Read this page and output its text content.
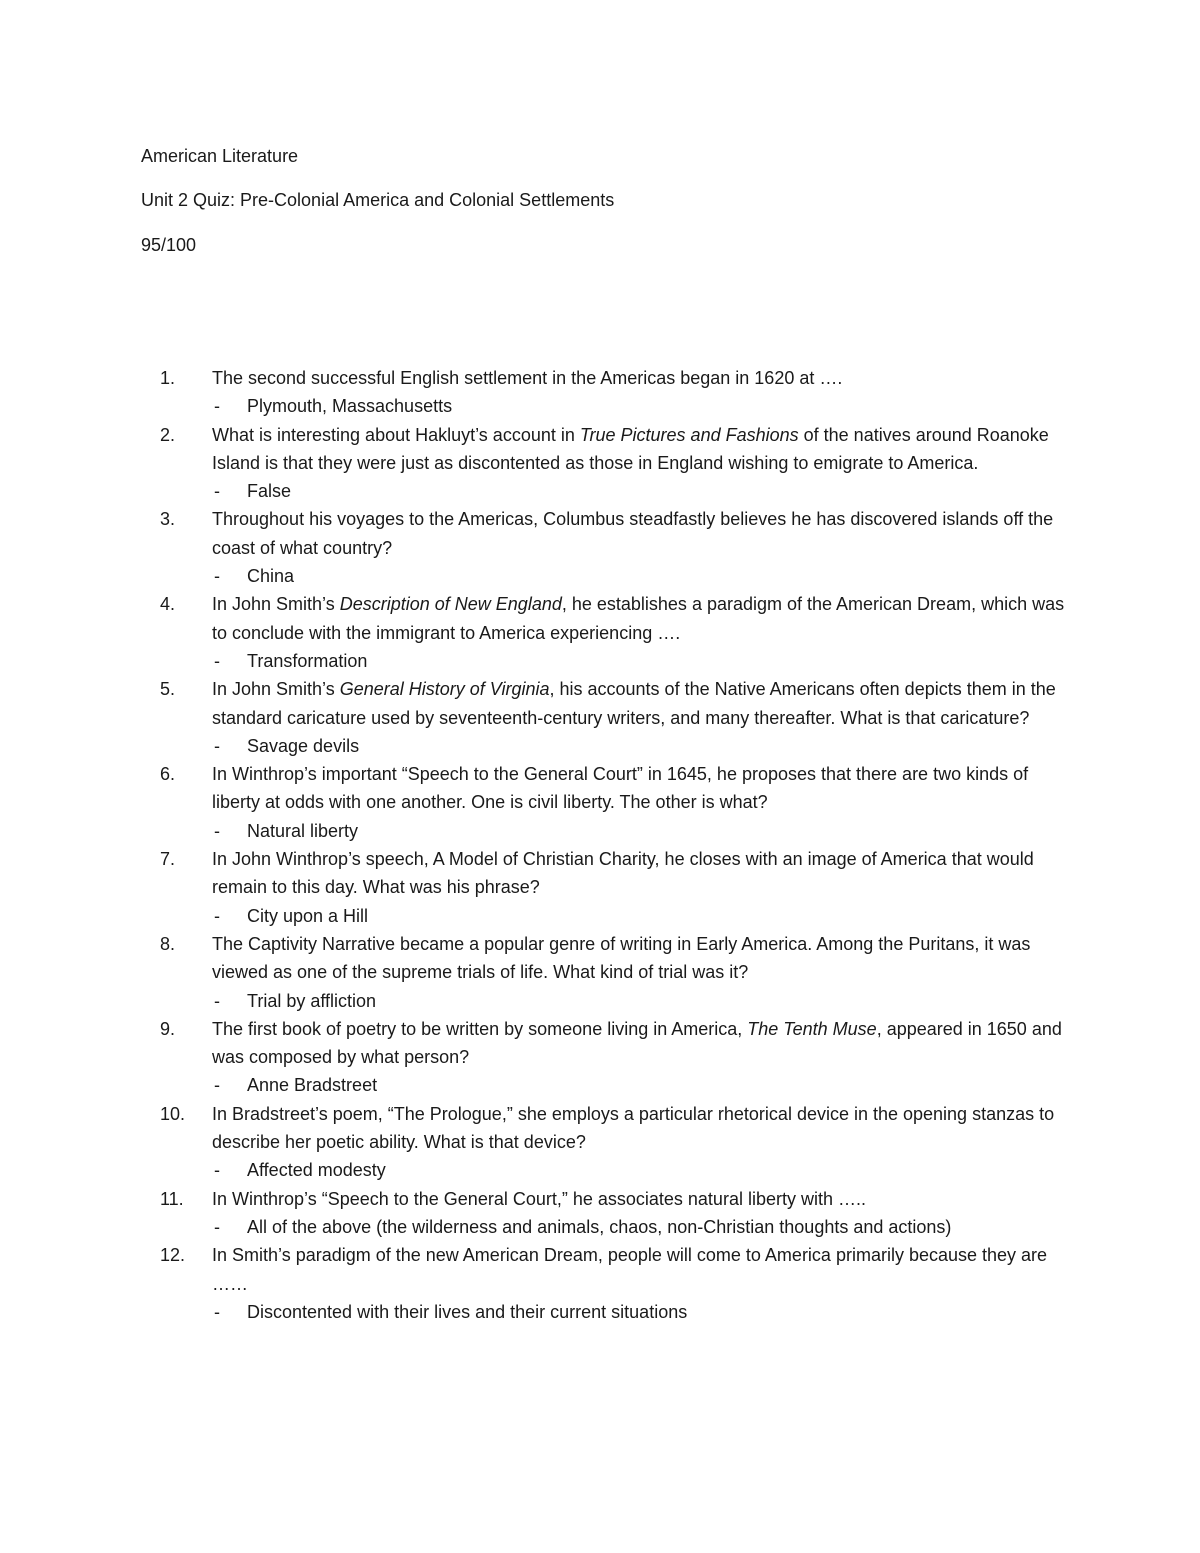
American Literature
Unit 2 Quiz: Pre-Colonial America and Colonial Settlements
95/100
1.	The second successful English settlement in the Americas began in 1620 at ….
- Plymouth, Massachusetts
2.	What is interesting about Hakluyt’s account in True Pictures and Fashions of the natives around Roanoke Island is that they were just as discontented as those in England wishing to emigrate to America.
- False
3.	Throughout his voyages to the Americas, Columbus steadfastly believes he has discovered islands off the coast of what country?
- China
4.	In John Smith’s Description of New England, he establishes a paradigm of the American Dream, which was to conclude with the immigrant to America experiencing ….
- Transformation
5.	In John Smith’s General History of Virginia, his accounts of the Native Americans often depicts them in the standard caricature used by seventeenth-century writers, and many thereafter. What is that caricature?
- Savage devils
6.	In Winthrop’s important “Speech to the General Court” in 1645, he proposes that there are two kinds of liberty at odds with one another. One is civil liberty. The other is what?
- Natural liberty
7.	In John Winthrop’s speech, A Model of Christian Charity, he closes with an image of America that would remain to this day. What was his phrase?
- City upon a Hill
8.	The Captivity Narrative became a popular genre of writing in Early America. Among the Puritans, it was viewed as one of the supreme trials of life. What kind of trial was it?
- Trial by affliction
9.	The first book of poetry to be written by someone living in America, The Tenth Muse, appeared in 1650 and was composed by what person?
- Anne Bradstreet
10.	In Bradstreet’s poem, “The Prologue,” she employs a particular rhetorical device in the opening stanzas to describe her poetic ability. What is that device?
- Affected modesty
11.	In Winthrop’s “Speech to the General Court,” he associates natural liberty with …..
- All of the above (the wilderness and animals, chaos, non-Christian thoughts and actions)
12.	In Smith’s paradigm of the new American Dream, people will come to America primarily because they are ……
- Discontented with their lives and their current situations
